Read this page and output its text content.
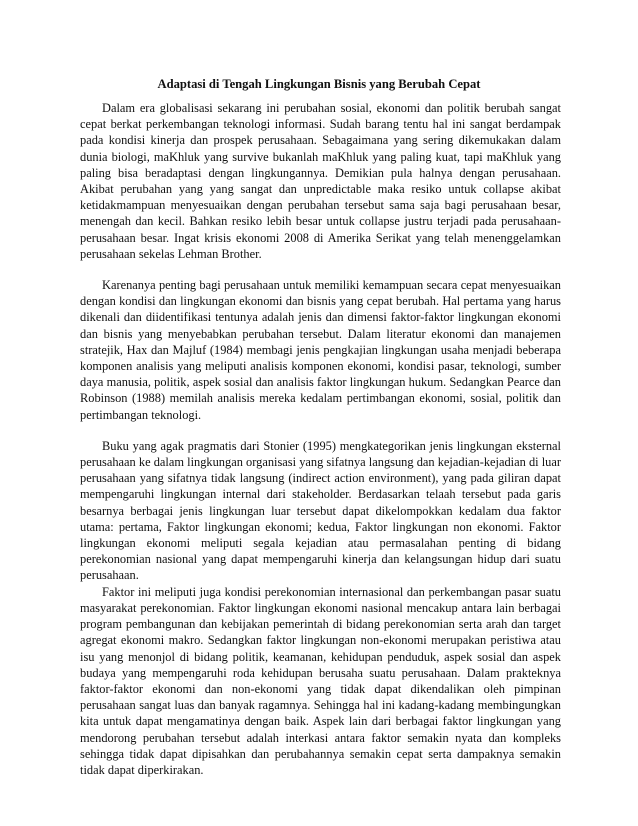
Adaptasi di Tengah Lingkungan Bisnis yang Berubah Cepat

Dalam era globalisasi sekarang ini perubahan sosial, ekonomi dan politik berubah sangat cepat berkat perkembangan teknologi informasi. Sudah barang tentu hal ini sangat berdampak pada kondisi kinerja dan prospek perusahaan. Sebagaimana yang sering dikemukakan dalam dunia biologi, maKhluk yang survive bukanlah maKhluk yang paling kuat, tapi maKhluk yang paling bisa beradaptasi dengan lingkungannya. Demikian pula halnya dengan perusahaan. Akibat perubahan yang yang sangat dan unpredictable maka resiko untuk collapse akibat ketidakmampuan menyesuaikan dengan perubahan tersebut sama saja bagi perusahaan besar, menengah dan kecil. Bahkan resiko lebih besar untuk collapse justru terjadi pada perusahaan-perusahaan besar. Ingat krisis ekonomi 2008 di Amerika Serikat yang telah menenggelamkan perusahaan sekelas Lehman Brother.

Karenanya penting bagi perusahaan untuk memiliki kemampuan secara cepat menyesuaikan dengan kondisi dan lingkungan ekonomi dan bisnis yang cepat berubah. Hal pertama yang harus dikenali dan diidentifikasi tentunya adalah jenis dan dimensi faktor-faktor lingkungan ekonomi dan bisnis yang menyebabkan perubahan tersebut. Dalam literatur ekonomi dan manajemen stratejik, Hax dan Majluf (1984) membagi jenis pengkajian lingkungan usaha menjadi beberapa komponen analisis yang meliputi analisis komponen ekonomi, kondisi pasar, teknologi, sumber daya manusia, politik, aspek sosial dan analisis faktor lingkungan hukum. Sedangkan Pearce dan Robinson (1988) memilah analisis mereka kedalam pertimbangan ekonomi, sosial, politik dan pertimbangan teknologi.

Buku yang agak pragmatis dari Stonier (1995) mengkategorikan jenis lingkungan eksternal perusahaan ke dalam lingkungan organisasi yang sifatnya langsung dan kejadian-kejadian di luar perusahaan yang sifatnya tidak langsung (indirect action environment), yang pada giliran dapat mempengaruhi lingkungan internal dari stakeholder. Berdasarkan telaah tersebut pada garis besarnya berbagai jenis lingkungan luar tersebut dapat dikelompokkan kedalam dua faktor utama: pertama, Faktor lingkungan ekonomi; kedua, Faktor lingkungan non ekonomi. Faktor lingkungan ekonomi meliputi segala kejadian atau permasalahan penting di bidang perekonomian nasional yang dapat mempengaruhi kinerja dan kelangsungan hidup dari suatu perusahaan.

Faktor ini meliputi juga kondisi perekonomian internasional dan perkembangan pasar suatu masyarakat perekonomian. Faktor lingkungan ekonomi nasional mencakup antara lain berbagai program pembangunan dan kebijakan pemerintah di bidang perekonomian serta arah dan target agregat ekonomi makro. Sedangkan faktor lingkungan non-ekonomi merupakan peristiwa atau isu yang menonjol di bidang politik, keamanan, kehidupan penduduk, aspek sosial dan aspek budaya yang mempengaruhi roda kehidupan berusaha suatu perusahaan. Dalam prakteknya faktor-faktor ekonomi dan non-ekonomi yang tidak dapat dikendalikan oleh pimpinan perusahaan sangat luas dan banyak ragamnya. Sehingga hal ini kadang-kadang membingungkan kita untuk dapat mengamatinya dengan baik. Aspek lain dari berbagai faktor lingkungan yang mendorong perubahan tersebut adalah interkasi antara faktor semakin nyata dan kompleks sehingga tidak dapat dipisahkan dan perubahannya semakin cepat serta dampaknya semakin tidak dapat diperkirakan.
